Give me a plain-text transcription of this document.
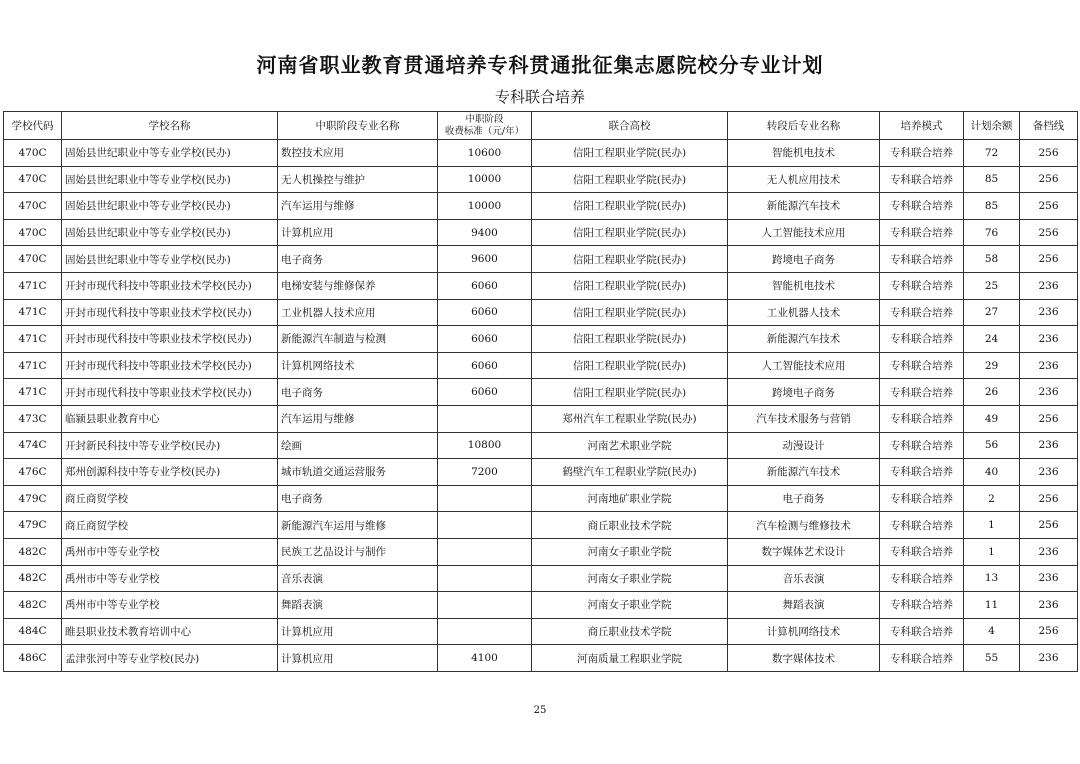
河南省职业教育贯通培养专科贯通批征集志愿院校分专业计划
专科联合培养
学校代码	学校名称	中职阶段专业名称	中职阶段
收费标准（元/年）	联合高校	转段后专业名称	培养模式	计划余额	备档线
470C	固始县世纪职业中等专业学校(民办)	数控技术应用	10600	信阳工程职业学院(民办)	智能机电技术	专科联合培养	72	256
470C	固始县世纪职业中等专业学校(民办)	无人机操控与维护	10000	信阳工程职业学院(民办)	无人机应用技术	专科联合培养	85	256
470C	固始县世纪职业中等专业学校(民办)	汽车运用与维修	10000	信阳工程职业学院(民办)	新能源汽车技术	专科联合培养	85	256
470C	固始县世纪职业中等专业学校(民办)	计算机应用	9400	信阳工程职业学院(民办)	人工智能技术应用	专科联合培养	76	256
470C	固始县世纪职业中等专业学校(民办)	电子商务	9600	信阳工程职业学院(民办)	跨境电子商务	专科联合培养	58	256
471C	开封市现代科技中等职业技术学校(民办)	电梯安装与维修保养	6060	信阳工程职业学院(民办)	智能机电技术	专科联合培养	25	236
471C	开封市现代科技中等职业技术学校(民办)	工业机器人技术应用	6060	信阳工程职业学院(民办)	工业机器人技术	专科联合培养	27	236
471C	开封市现代科技中等职业技术学校(民办)	新能源汽车制造与检测	6060	信阳工程职业学院(民办)	新能源汽车技术	专科联合培养	24	236
471C	开封市现代科技中等职业技术学校(民办)	计算机网络技术	6060	信阳工程职业学院(民办)	人工智能技术应用	专科联合培养	29	236
471C	开封市现代科技中等职业技术学校(民办)	电子商务	6060	信阳工程职业学院(民办)	跨境电子商务	专科联合培养	26	236
473C	临颍县职业教育中心	汽车运用与维修		郑州汽车工程职业学院(民办)	汽车技术服务与营销	专科联合培养	49	256
474C	开封新民科技中等专业学校(民办)	绘画	10800	河南艺术职业学院	动漫设计	专科联合培养	56	236
476C	郑州创源科技中等专业学校(民办)	城市轨道交通运营服务	7200	鹤壁汽车工程职业学院(民办)	新能源汽车技术	专科联合培养	40	236
479C	商丘商贸学校	电子商务		河南地矿职业学院	电子商务	专科联合培养	2	256
479C	商丘商贸学校	新能源汽车运用与维修		商丘职业技术学院	汽车检测与维修技术	专科联合培养	1	256
482C	禹州市中等专业学校	民族工艺品设计与制作		河南女子职业学院	数字媒体艺术设计	专科联合培养	1	236
482C	禹州市中等专业学校	音乐表演		河南女子职业学院	音乐表演	专科联合培养	13	236
482C	禹州市中等专业学校	舞蹈表演		河南女子职业学院	舞蹈表演	专科联合培养	11	236
484C	睢县职业技术教育培训中心	计算机应用		商丘职业技术学院	计算机网络技术	专科联合培养	4	256
486C	孟津张河中等专业学校(民办)	计算机应用	4100	河南质量工程职业学院	数字媒体技术	专科联合培养	55	236
25
